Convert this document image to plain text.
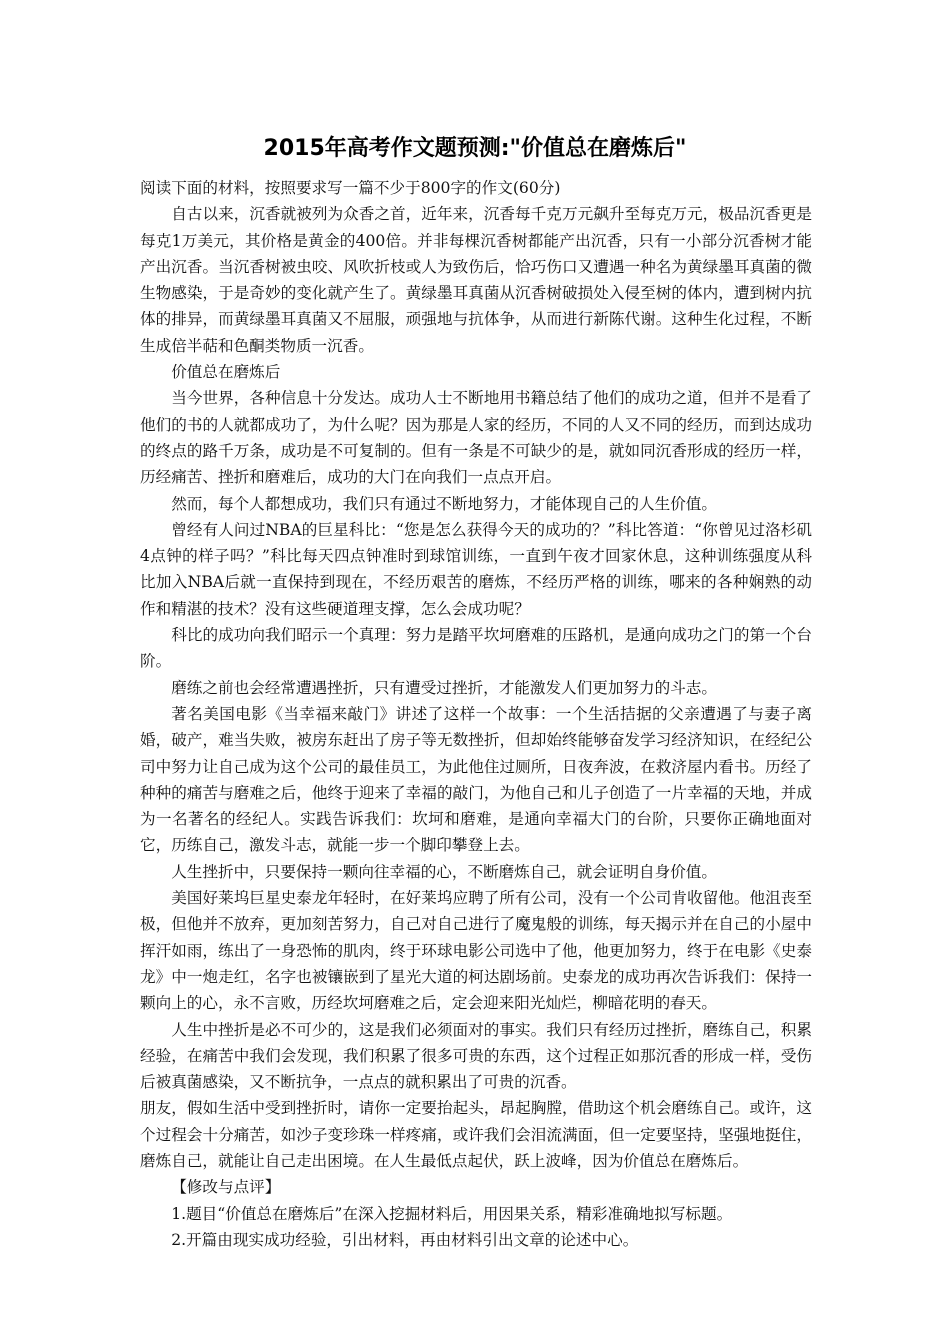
2015年高考作文题预测:"价值总在磨炼后"

阅读下面的材料，按照要求写一篇不少于800字的作文(60分)

自古以来，沉香就被列为众香之首，近年来，沉香每千克万元飙升至每克万元，极品沉香更是每克1万美元，其价格是黄金的400倍。并非每棵沉香树都能产出沉香，只有一小部分沉香树才能产出沉香。当沉香树被虫咬、风吹折枝或人为致伤后，恰巧伤口又遭遇一种名为黄绿墨耳真菌的微生物感染，于是奇妙的变化就产生了。黄绿墨耳真菌从沉香树破损处入侵至树的体内，遭到树内抗体的排异，而黄绿墨耳真菌又不屈服，顽强地与抗体争，从而进行新陈代谢。这种生化过程，不断生成倍半萜和色酮类物质一沉香。

价值总在磨炼后

当今世界，各种信息十分发达。成功人士不断地用书籍总结了他们的成功之道，但并不是看了他们的书的人就都成功了，为什么呢？因为那是人家的经历，不同的人又不同的经历，而到达成功的终点的路千万条，成功是不可复制的。但有一条是不可缺少的是，就如同沉香形成的经历一样，历经痛苦、挫折和磨难后，成功的大门在向我们一点点开启。

然而，每个人都想成功，我们只有通过不断地努力，才能体现自己的人生价值。

曾经有人问过NBA的巨星科比：“您是怎么获得今天的成功的？”科比答道：“你曾见过洛杉矶4点钟的样子吗？”科比每天四点钟准时到球馆训练，一直到午夜才回家休息，这种训练强度从科比加入NBA后就一直保持到现在，不经历艰苦的磨炼，不经历严格的训练，哪来的各种娴熟的动作和精湛的技术？没有这些硬道理支撑，怎么会成功呢？

科比的成功向我们昭示一个真理：努力是踏平坎坷磨难的压路机，是通向成功之门的第一个台阶。

磨练之前也会经常遭遇挫折，只有遭受过挫折，才能激发人们更加努力的斗志。

著名美国电影《当幸福来敲门》讲述了这样一个故事：一个生活拮据的父亲遭遇了与妻子离婚，破产，难当失败，被房东赶出了房子等无数挫折，但却始终能够奋发学习经济知识，在经纪公司中努力让自己成为这个公司的最佳员工，为此他住过厕所，日夜奔波，在救济屋内看书。历经了种种的痛苦与磨难之后，他终于迎来了幸福的敲门，为他自己和儿子创造了一片幸福的天地，并成为一名著名的经纪人。实践告诉我们：坎坷和磨难，是通向幸福大门的台阶，只要你正确地面对它，历练自己，激发斗志，就能一步一个脚印攀登上去。

人生挫折中，只要保持一颗向往幸福的心，不断磨炼自己，就会证明自身价值。

美国好莱坞巨星史泰龙年轻时，在好莱坞应聘了所有公司，没有一个公司肯收留他。他沮丧至极，但他并不放弃，更加刻苦努力，自己对自己进行了魔鬼般的训练，每天揭示并在自己的小屋中挥汗如雨，练出了一身恐怖的肌肉，终于环球电影公司选中了他，他更加努力，终于在电影《史泰龙》中一炮走红，名字也被镶嵌到了星光大道的柯达剧场前。史泰龙的成功再次告诉我们：保持一颗向上的心，永不言败，历经坎坷磨难之后，定会迎来阳光灿烂，柳暗花明的春天。

人生中挫折是必不可少的，这是我们必须面对的事实。我们只有经历过挫折，磨练自己，积累经验，在痛苦中我们会发现，我们积累了很多可贵的东西，这个过程正如那沉香的形成一样，受伤后被真菌感染，又不断抗争，一点点的就积累出了可贵的沉香。

朋友，假如生活中受到挫折时，请你一定要抬起头，昂起胸膛，借助这个机会磨练自己。或许，这个过程会十分痛苦，如沙子变珍珠一样疼痛，或许我们会泪流满面，但一定要坚持，坚强地挺住，磨炼自己，就能让自己走出困境。在人生最低点起伏，跃上波峰，因为价值总在磨炼后。

【修改与点评】

1.题目“价值总在磨炼后”在深入挖掘材料后，用因果关系，精彩准确地拟写标题。

2.开篇由现实成功经验，引出材料，再由材料引出文章的论述中心。
